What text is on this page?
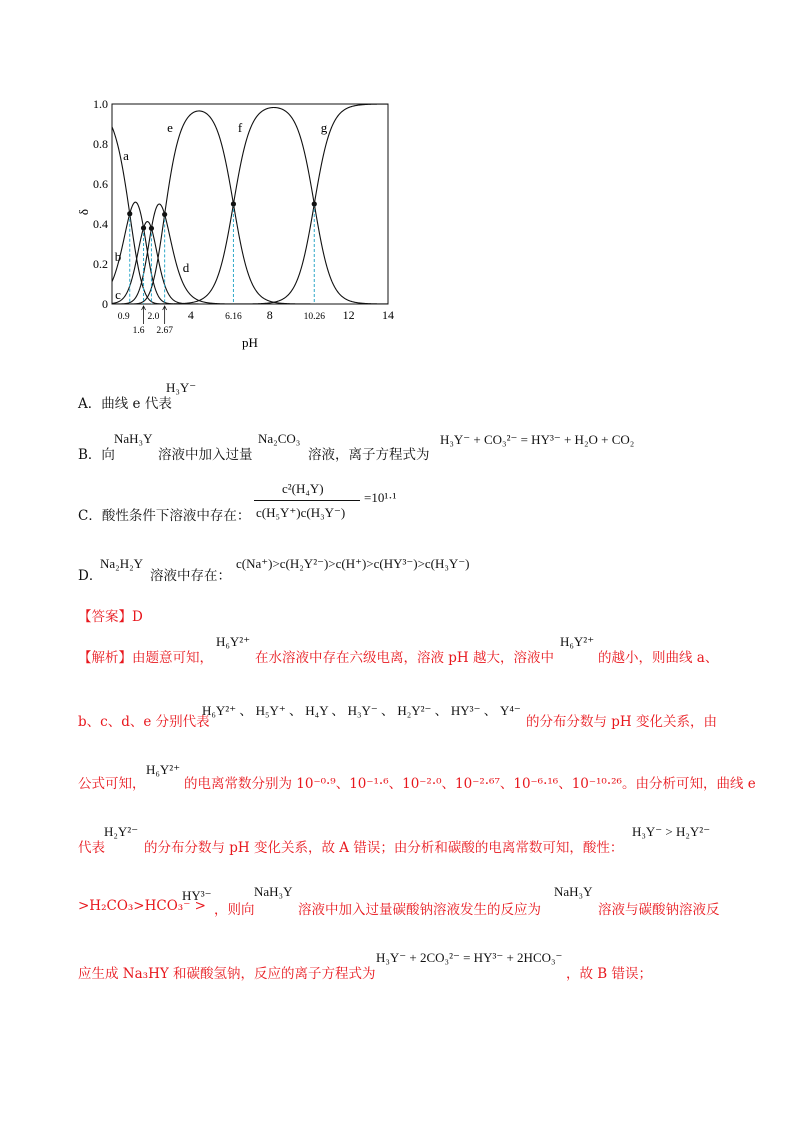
0
0.2
0.4
0.6
0.8
1.0
4	8	12 14
0.9
1.6
2.0
2.67
6.16	10.26
a
b
c
d
e	f	g
pH
δ
A．曲线 e 代表
H₃Y⁻
B．向
NaH₃Y
溶液中加入过量
Na₂CO₃
溶液，离子方程式为
H₃Y⁻ + CO₃²⁻ = HY³⁻ + H₂O + CO₂
C．酸性条件下溶液中存在：
c²(H₄Y)
c(H₅Y⁺)c(H₃Y⁻)
=10¹·¹
D．
Na₂H₂Y
溶液中存在：
c(Na⁺)>c(H₂Y²⁻)>c(H⁺)>c(HY³⁻)>c(H₃Y⁻)
【答案】D
【解析】由题意可知，
H₆Y²⁺
在水溶液中存在六级电离，溶液 pH 越大，溶液中
H₆Y²⁺
的越小，则曲线 a、
b、c、d、e 分别代表
H₆Y²⁺ 、 H₅Y⁺ 、 H₄Y 、 H₃Y⁻ 、 H₂Y²⁻ 、 HY³⁻ 、 Y⁴⁻
的分布分数与 pH 变化关系，由
公式可知，
H₆Y²⁺
的电离常数分别为 10⁻⁰·⁹、10⁻¹·⁶、10⁻²·⁰、10⁻²·⁶⁷、10⁻⁶·¹⁶、10⁻¹⁰·²⁶。由分析可知，曲线 e
代表
H₂Y²⁻
的分布分数与 pH 变化关系，故 A 错误；由分析和碳酸的电离常数可知，酸性：
H₃Y⁻ > H₂Y²⁻
>H₂CO₃>HCO₃⁻ >
HY³⁻
，则向
NaH₃Y
溶液中加入过量碳酸钠溶液发生的反应为
NaH₃Y
溶液与碳酸钠溶液反
应生成 Na₃HY 和碳酸氢钠，反应的离子方程式为
H₃Y⁻ + 2CO₃²⁻ = HY³⁻ + 2HCO₃⁻
，故 B 错误；
